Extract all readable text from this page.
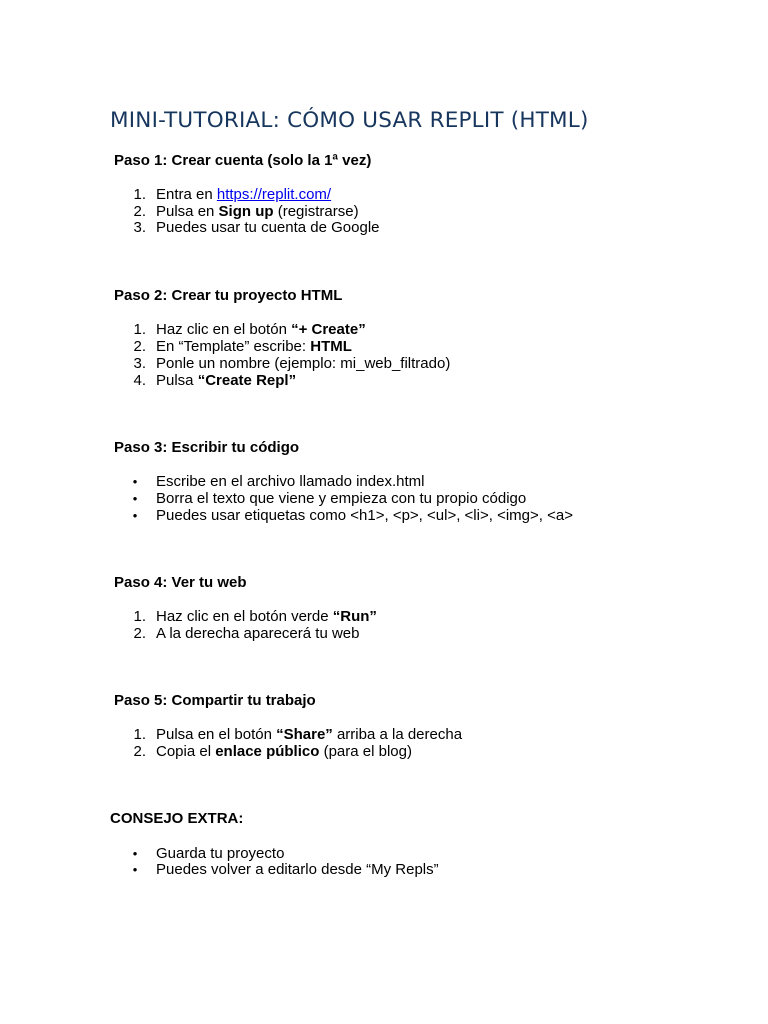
MINI-TUTORIAL: CÓMO USAR REPLIT (HTML)
Paso 1: Crear cuenta (solo la 1ª vez)
1. Entra en https://replit.com/
2. Pulsa en Sign up (registrarse)
3. Puedes usar tu cuenta de Google
Paso 2: Crear tu proyecto HTML
1. Haz clic en el botón “+ Create”
2. En “Template” escribe: HTML
3. Ponle un nombre (ejemplo: mi_web_filtrado)
4. Pulsa “Create Repl”
Paso 3: Escribir tu código
• Escribe en el archivo llamado index.html
• Borra el texto que viene y empieza con tu propio código
• Puedes usar etiquetas como <h1>, <p>, <ul>, <li>, <img>, <a>
Paso 4: Ver tu web
1. Haz clic en el botón verde “Run”
2. A la derecha aparecerá tu web
Paso 5: Compartir tu trabajo
1. Pulsa en el botón “Share” arriba a la derecha
2. Copia el enlace público (para el blog)
CONSEJO EXTRA:
• Guarda tu proyecto
• Puedes volver a editarlo desde “My Repls”
